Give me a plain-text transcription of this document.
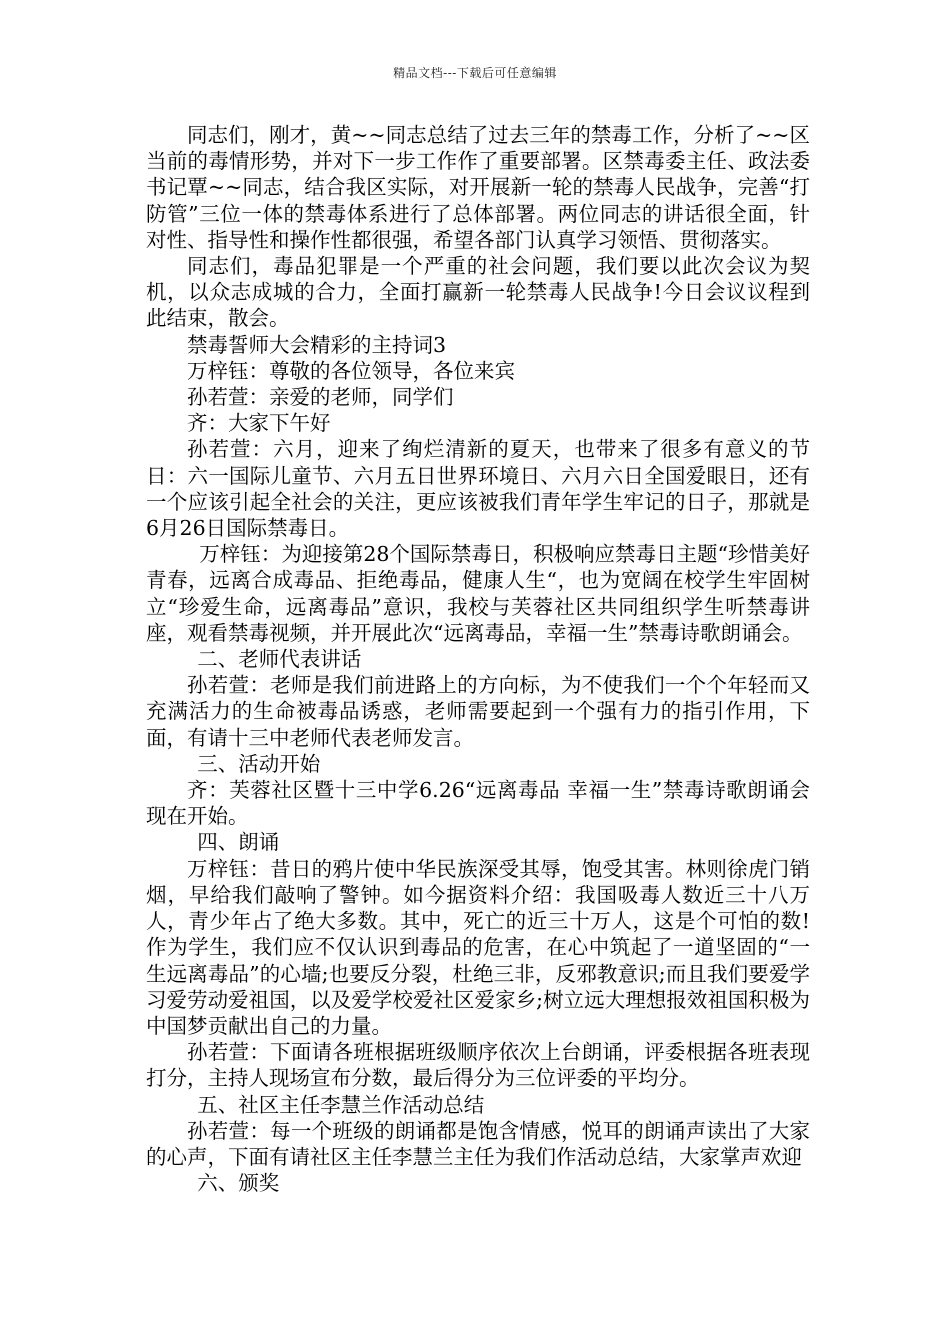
精品文档---下载后可任意编辑

同志们，刚才，黄~~同志总结了过去三年的禁毒工作，分析了~~区当前的毒情形势，并对下一步工作作了重要部署。区禁毒委主任、政法委书记覃~~同志，结合我区实际，对开展新一轮的禁毒人民战争，完善“打防管”三位一体的禁毒体系进行了总体部署。两位同志的讲话很全面，针对性、指导性和操作性都很强，希望各部门认真学习领悟、贯彻落实。

同志们，毒品犯罪是一个严重的社会问题，我们要以此次会议为契机，以众志成城的合力，全面打赢新一轮禁毒人民战争!今日会议议程到此结束，散会。

禁毒誓师大会精彩的主持词3

万梓钰：尊敬的各位领导，各位来宾

孙若萱：亲爱的老师，同学们

齐：大家下午好

孙若萱：六月，迎来了绚烂清新的夏天，也带来了很多有意义的节日：六一国际儿童节、六月五日世界环境日、六月六日全国爱眼日，还有一个应该引起全社会的关注，更应该被我们青年学生牢记的日子，那就是6月26日国际禁毒日。

万梓钰：为迎接第28个国际禁毒日，积极响应禁毒日主题“珍惜美好青春，远离合成毒品、拒绝毒品，健康人生“，也为宽阔在校学生牢固树立“珍爱生命，远离毒品”意识，我校与芙蓉社区共同组织学生听禁毒讲座，观看禁毒视频，并开展此次“远离毒品，幸福一生”禁毒诗歌朗诵会。

二、老师代表讲话

孙若萱：老师是我们前进路上的方向标，为不使我们一个个年轻而又充满活力的生命被毒品诱惑，老师需要起到一个强有力的指引作用，下面，有请十三中老师代表老师发言。

三、活动开始

齐：芙蓉社区暨十三中学6.26“远离毒品 幸福一生”禁毒诗歌朗诵会现在开始。

四、朗诵

万梓钰：昔日的鸦片使中华民族深受其辱，饱受其害。林则徐虎门销烟，早给我们敲响了警钟。如今据资料介绍：我国吸毒人数近三十八万人，青少年占了绝大多数。其中，死亡的近三十万人，这是个可怕的数!作为学生，我们应不仅认识到毒品的危害，在心中筑起了一道坚固的“一生远离毒品”的心墙;也要反分裂，杜绝三非，反邪教意识;而且我们要爱学习爱劳动爱祖国，以及爱学校爱社区爱家乡;树立远大理想报效祖国积极为中国梦贡献出自己的力量。

孙若萱：下面请各班根据班级顺序依次上台朗诵，评委根据各班表现打分，主持人现场宣布分数，最后得分为三位评委的平均分。

五、社区主任李慧兰作活动总结

孙若萱：每一个班级的朗诵都是饱含情感，悦耳的朗诵声读出了大家的心声，下面有请社区主任李慧兰主任为我们作活动总结，大家掌声欢迎

六、颁奖
